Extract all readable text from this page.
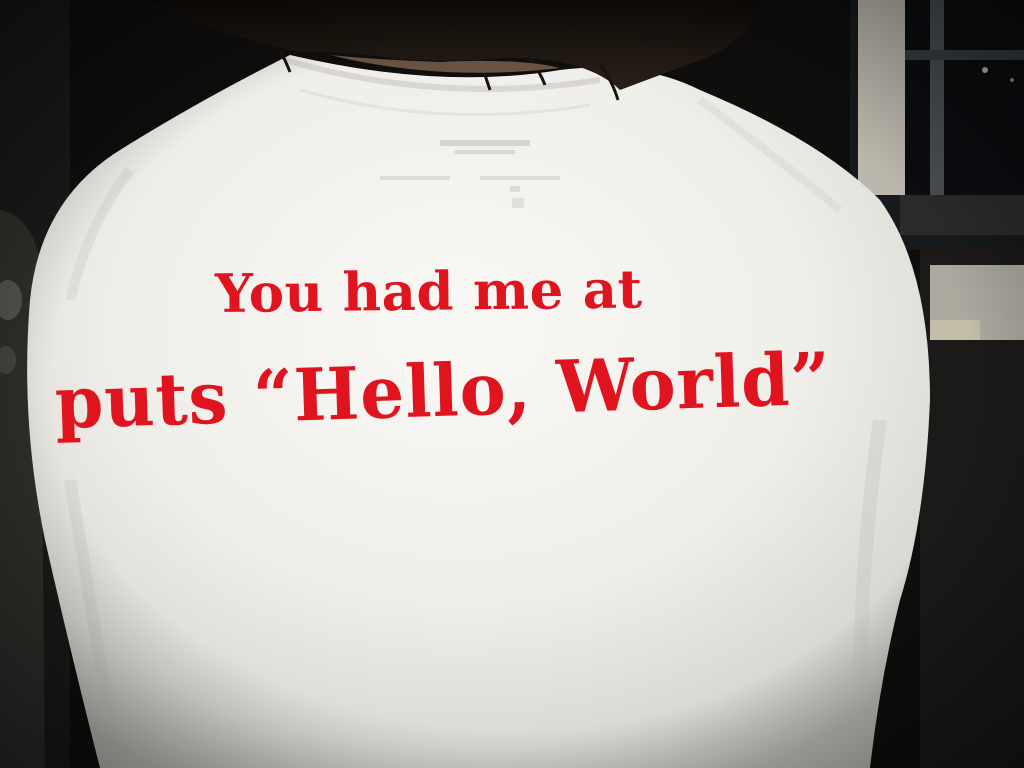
You had me at
puts “Hello, World”
